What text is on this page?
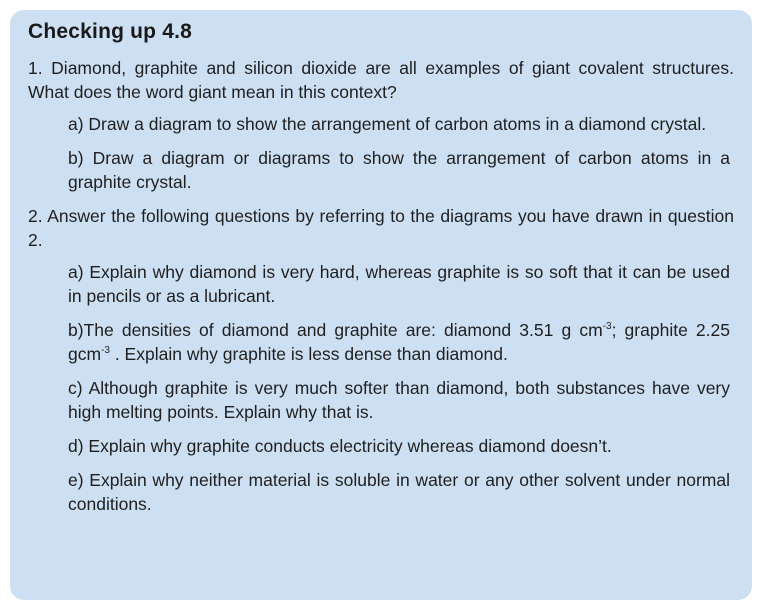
Checking up 4.8

1. Diamond, graphite and silicon dioxide are all examples of giant covalent structures. What does the word giant mean in this context?

a) Draw a diagram to show the arrangement of carbon atoms in a diamond crystal.

b) Draw a diagram or diagrams to show the arrangement of carbon atoms in a graphite crystal.

2. Answer the following questions by referring to the diagrams you have drawn in question 2.

a) Explain why diamond is very hard, whereas graphite is so soft that it can be used in pencils or as a lubricant.

b)The densities of diamond and graphite are: diamond 3.51 g $cm^{-3}$; graphite 2.25 gcm$^{-3}$ . Explain why graphite is less dense than diamond.

c) Although graphite is very much softer than diamond, both substances have very high melting points. Explain why that is.

d) Explain why graphite conducts electricity whereas diamond doesn’t.

e) Explain why neither material is soluble in water or any other solvent under normal conditions.
